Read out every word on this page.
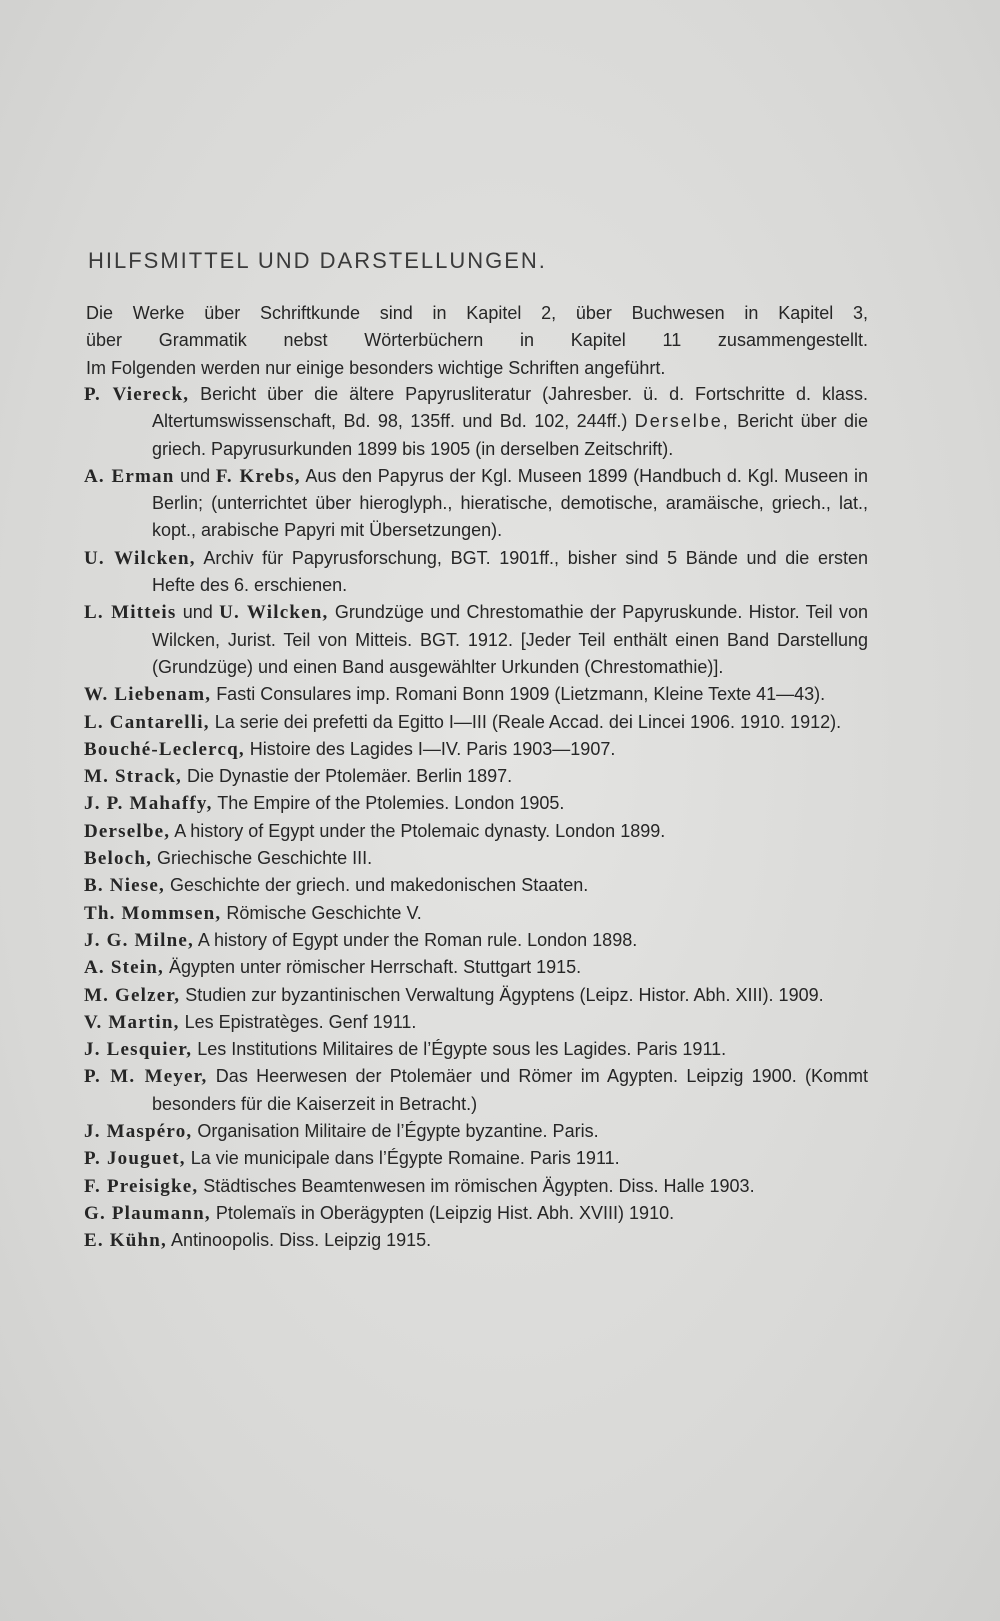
HILFSMITTEL UND DARSTELLUNGEN.
Die Werke über Schriftkunde sind in Kapitel 2, über Buchwesen in Kapitel 3,
über Grammatik nebst Wörterbüchern in Kapitel 11 zusammengestellt.
Im Folgenden werden nur einige besonders wichtige Schriften angeführt.
P. Viereck, Bericht über die ältere Papyrusliteratur (Jahresber. ü. d. Fortschritte d. klass. Altertumswissenschaft, Bd. 98, 135ff. und Bd. 102, 244ff.) Derselbe, Bericht über die griech. Papyrusurkunden 1899 bis 1905 (in derselben Zeitschrift).
A. Erman und F. Krebs, Aus den Papyrus der Kgl. Museen 1899 (Handbuch d. Kgl. Museen in Berlin; (unterrichtet über hieroglyph., hieratische, demotische, aramäische, griech., lat., kopt., arabische Papyri mit Übersetzungen).
U. Wilcken, Archiv für Papyrusforschung, BGT. 1901ff., bisher sind 5 Bände und die ersten Hefte des 6. erschienen.
L. Mitteis und U. Wilcken, Grundzüge und Chrestomathie der Papyruskunde. Histor. Teil von Wilcken, Jurist. Teil von Mitteis. BGT. 1912. [Jeder Teil enthält einen Band Darstellung (Grundzüge) und einen Band ausgewählter Urkunden (Chrestomathie)].
W. Liebenam, Fasti Consulares imp. Romani Bonn 1909 (Lietzmann, Kleine Texte 41—43).
L. Cantarelli, La serie dei prefetti da Egitto I—III (Reale Accad. dei Lincei 1906. 1910. 1912).
Bouché-Leclercq, Histoire des Lagides I—IV. Paris 1903—1907.
M. Strack, Die Dynastie der Ptolemäer. Berlin 1897.
J. P. Mahaffy, The Empire of the Ptolemies. London 1905.
Derselbe, A history of Egypt under the Ptolemaic dynasty. London 1899.
Beloch, Griechische Geschichte III.
B. Niese, Geschichte der griech. und makedonischen Staaten.
Th. Mommsen, Römische Geschichte V.
J. G. Milne, A history of Egypt under the Roman rule. London 1898.
A. Stein, Ägypten unter römischer Herrschaft. Stuttgart 1915.
M. Gelzer, Studien zur byzantinischen Verwaltung Ägyptens (Leipz. Histor. Abh. XIII). 1909.
V. Martin, Les Epistratèges. Genf 1911.
J. Lesquier, Les Institutions Militaires de l’Égypte sous les Lagides. Paris 1911.
P. M. Meyer, Das Heerwesen der Ptolemäer und Römer im Agypten. Leipzig 1900. (Kommt besonders für die Kaiserzeit in Betracht.)
J. Maspéro, Organisation Militaire de l’Égypte byzantine. Paris.
P. Jouguet, La vie municipale dans l’Égypte Romaine. Paris 1911.
F. Preisigke, Städtisches Beamtenwesen im römischen Ägypten. Diss. Halle 1903.
G. Plaumann, Ptolemaïs in Oberägypten (Leipzig Hist. Abh. XVIII) 1910.
E. Kühn, Antinoopolis. Diss. Leipzig 1915.
